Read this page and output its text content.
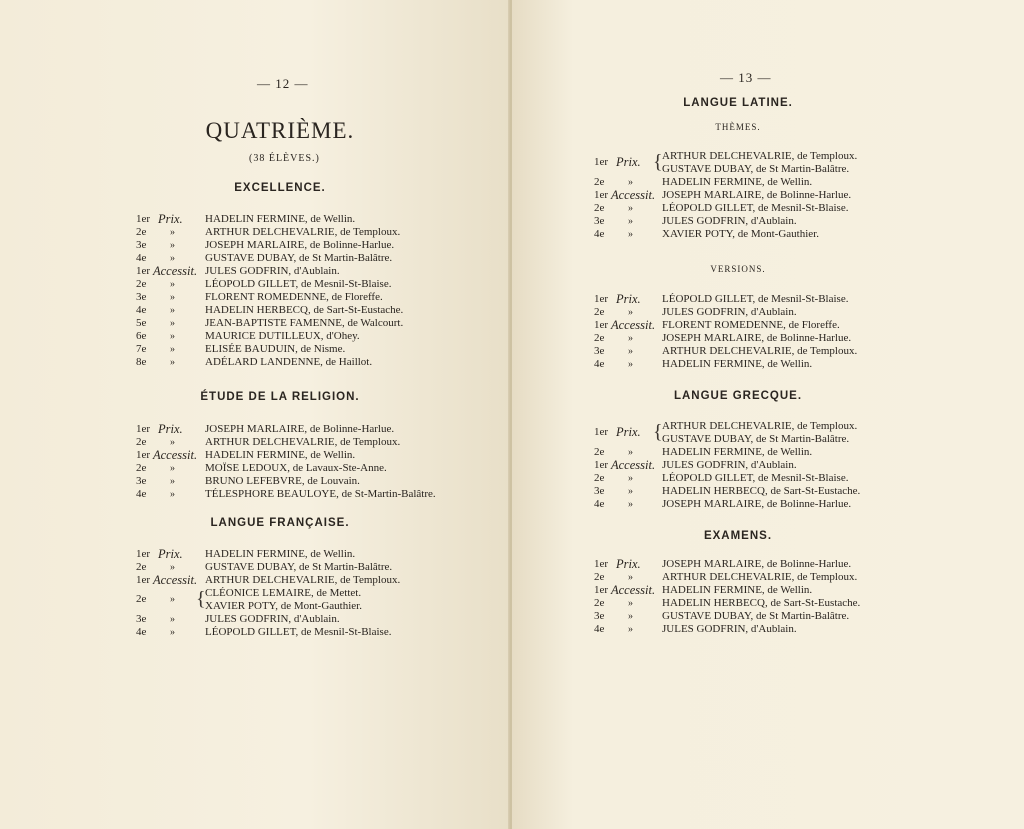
— 12 —
QUATRIÈME.
(38 ÉLÈVES.)
EXCELLENCE.
1er Prix. HADELIN FERMINE, de Wellin.
2e	»	ARTHUR DELCHEVALRIE, de Temploux.
3e	»	JOSEPH MARLAIRE, de Bolinne-Harlue.
4e	»	GUSTAVE DUBAY, de St Martin-Balâtre.
1er Accessit. JULES GODFRIN, d'Aublain.
2e	»	LÉOPOLD GILLET, de Mesnil-St-Blaise.
3e	»	FLORENT ROMEDENNE, de Floreffe.
4e	»	HADELIN HERBECQ, de Sart-St-Eustache.
5e	»	JEAN-BAPTISTE FAMENNE, de Walcourt.
6e	»	MAURICE DUTILLEUX, d'Ohey.
7e	»	ELISÉE BAUDUIN, de Nisme.
8e	»	ADÉLARD LANDENNE, de Haillot.
ÉTUDE DE LA RELIGION.
1er Prix. JOSEPH MARLAIRE, de Bolinne-Harlue.
2e	»	ARTHUR DELCHEVALRIE, de Temploux.
1er Accessit. HADELIN FERMINE, de Wellin.
2e	»	MOÏSE LEDOUX, de Lavaux-Ste-Anne.
3e	»	BRUNO LEFEBVRE, de Louvain.
4e	»	TÉLESPHORE BEAULOYE, de St-Martin-Balâtre.
LANGUE FRANÇAISE.
1er Prix. HADELIN FERMINE, de Wellin.
2e	»	GUSTAVE DUBAY, de St Martin-Balâtre.
1er Accessit. ARTHUR DELCHEVALRIE, de Temploux.
2e	» { CLÉONICE LEMAIRE, de Mettet.
XAVIER POTY, de Mont-Gauthier.
3e	»	JULES GODFRIN, d'Aublain.
4e	»	LÉOPOLD GILLET, de Mesnil-St-Blaise.
LANGUE LATINE.
THÈMES.
1er Prix. { ARTHUR DELCHEVALRIE, de Temploux.
GUSTAVE DUBAY, de St Martin-Balâtre.
2e	»	HADELIN FERMINE, de Wellin.
1er Accessit. JOSEPH MARLAIRE, de Bolinne-Harlue.
2e	»	LÉOPOLD GILLET, de Mesnil-St-Blaise.
3e	»	JULES GODFRIN, d'Aublain.
4e	»	XAVIER POTY, de Mont-Gauthier.
VERSIONS.
1er Prix. LÉOPOLD GILLET, de Mesnil-St-Blaise.
2e	»	JULES GODFRIN, d'Aublain.
1er Accessit. FLORENT ROMEDENNE, de Floreffe.
2e	»	JOSEPH MARLAIRE, de Bolinne-Harlue.
3e	»	ARTHUR DELCHEVALRIE, de Temploux.
4e	»	HADELIN FERMINE, de Wellin.
LANGUE GRECQUE.
1er Prix. { ARTHUR DELCHEVALRIE, de Temploux.
GUSTAVE DUBAY, de St Martin-Balâtre.
2e	»	HADELIN FERMINE, de Wellin.
1er Accessit. JULES GODFRIN, d'Aublain.
2e	»	LÉOPOLD GILLET, de Mesnil-St-Blaise.
3e	»	HADELIN HERBECQ, de Sart-St-Eustache.
4e	»	JOSEPH MARLAIRE, de Bolinne-Harlue.
EXAMENS.
1er Prix. JOSEPH MARLAIRE, de Bolinne-Harlue.
2e	»	ARTHUR DELCHEVALRIE, de Temploux.
1er Accessit. HADELIN FERMINE, de Wellin.
2e	»	HADELIN HERBECQ, de Sart-St-Eustache.
3e	»	GUSTAVE DUBAY, de St Martin-Balâtre.
4e	»	JULES GODFRIN, d'Aublain.
— 13 —
